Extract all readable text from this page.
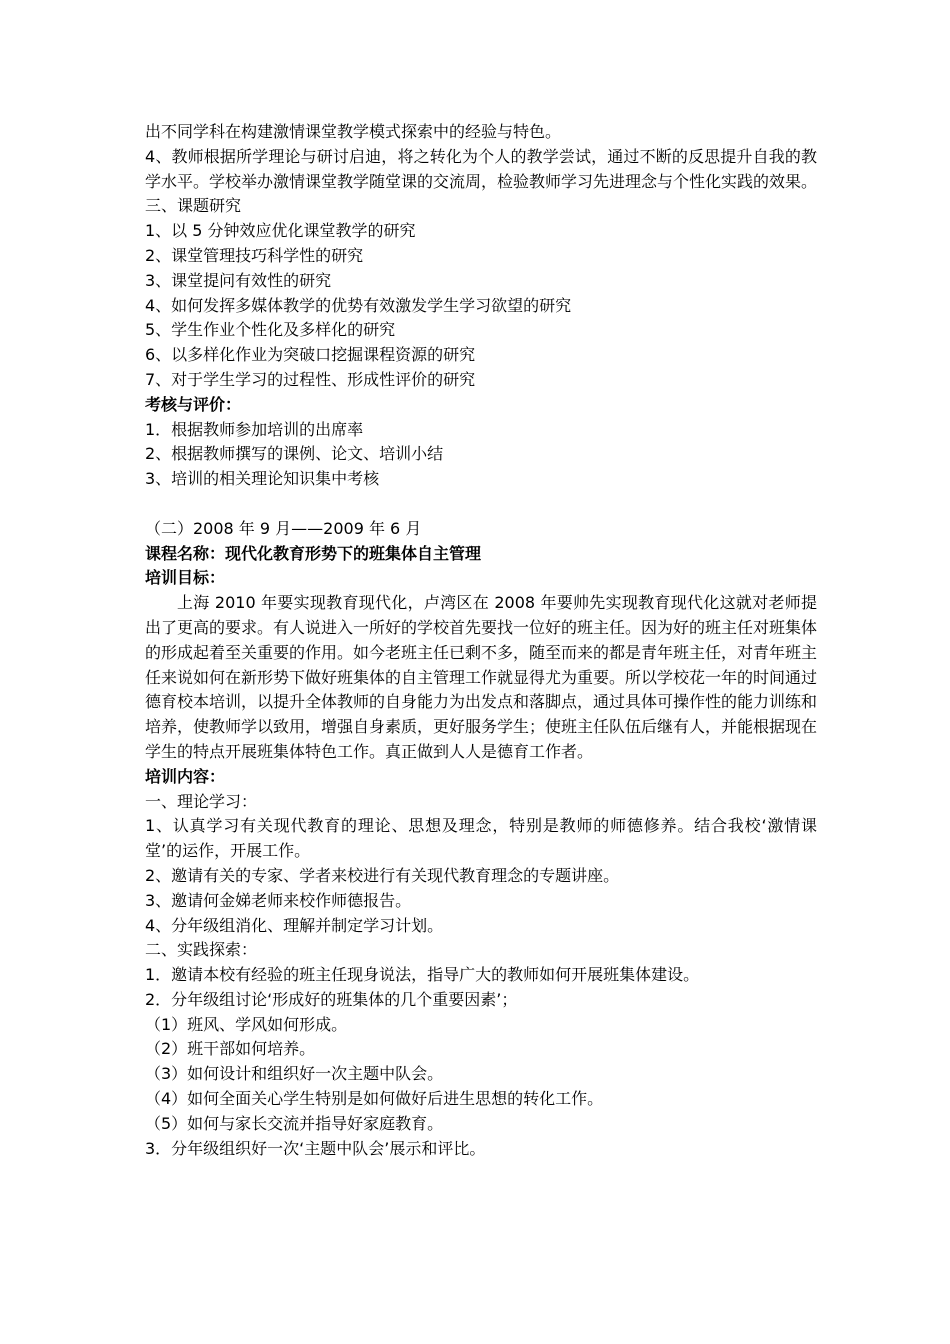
出不同学科在构建激情课堂教学模式探索中的经验与特色。

4、教师根据所学理论与研讨启迪，将之转化为个人的教学尝试，通过不断的反思提升自我的教学水平。学校举办激情课堂教学随堂课的交流周，检验教师学习先进理念与个性化实践的效果。

三、课题研究

1、以 5 分钟效应优化课堂教学的研究

2、课堂管理技巧科学性的研究

3、课堂提问有效性的研究

4、如何发挥多媒体教学的优势有效激发学生学习欲望的研究

5、学生作业个性化及多样化的研究

6、以多样化作业为突破口挖掘课程资源的研究

7、对于学生学习的过程性、形成性评价的研究

考核与评价：

1．根据教师参加培训的出席率

2、根据教师撰写的课例、论文、培训小结

3、培训的相关理论知识集中考核

（二）2008 年 9 月——2009 年 6 月

课程名称：现代化教育形势下的班集体自主管理

培训目标：

上海 2010 年要实现教育现代化，卢湾区在 2008 年要帅先实现教育现代化这就对老师提出了更高的要求。有人说进入一所好的学校首先要找一位好的班主任。因为好的班主任对班集体的形成起着至关重要的作用。如今老班主任已剩不多，随至而来的都是青年班主任，对青年班主任来说如何在新形势下做好班集体的自主管理工作就显得尤为重要。所以学校花一年的时间通过德育校本培训，以提升全体教师的自身能力为出发点和落脚点，通过具体可操作性的能力训练和培养，使教师学以致用，增强自身素质，更好服务学生；使班主任队伍后继有人，并能根据现在学生的特点开展班集体特色工作。真正做到人人是德育工作者。

培训内容：

一、理论学习：

1、认真学习有关现代教育的理论、思想及理念，特别是教师的师德修养。结合我校‘激情课堂’的运作，开展工作。

2、邀请有关的专家、学者来校进行有关现代教育理念的专题讲座。

3、邀请何金娣老师来校作师德报告。

4、分年级组消化、理解并制定学习计划。

二、实践探索：

1．邀请本校有经验的班主任现身说法，指导广大的教师如何开展班集体建设。

2．分年级组讨论‘形成好的班集体的几个重要因素’；

（1）班风、学风如何形成。

（2）班干部如何培养。

（3）如何设计和组织好一次主题中队会。

（4）如何全面关心学生特别是如何做好后进生思想的转化工作。

（5）如何与家长交流并指导好家庭教育。

3．分年级组织好一次‘主题中队会’展示和评比。
